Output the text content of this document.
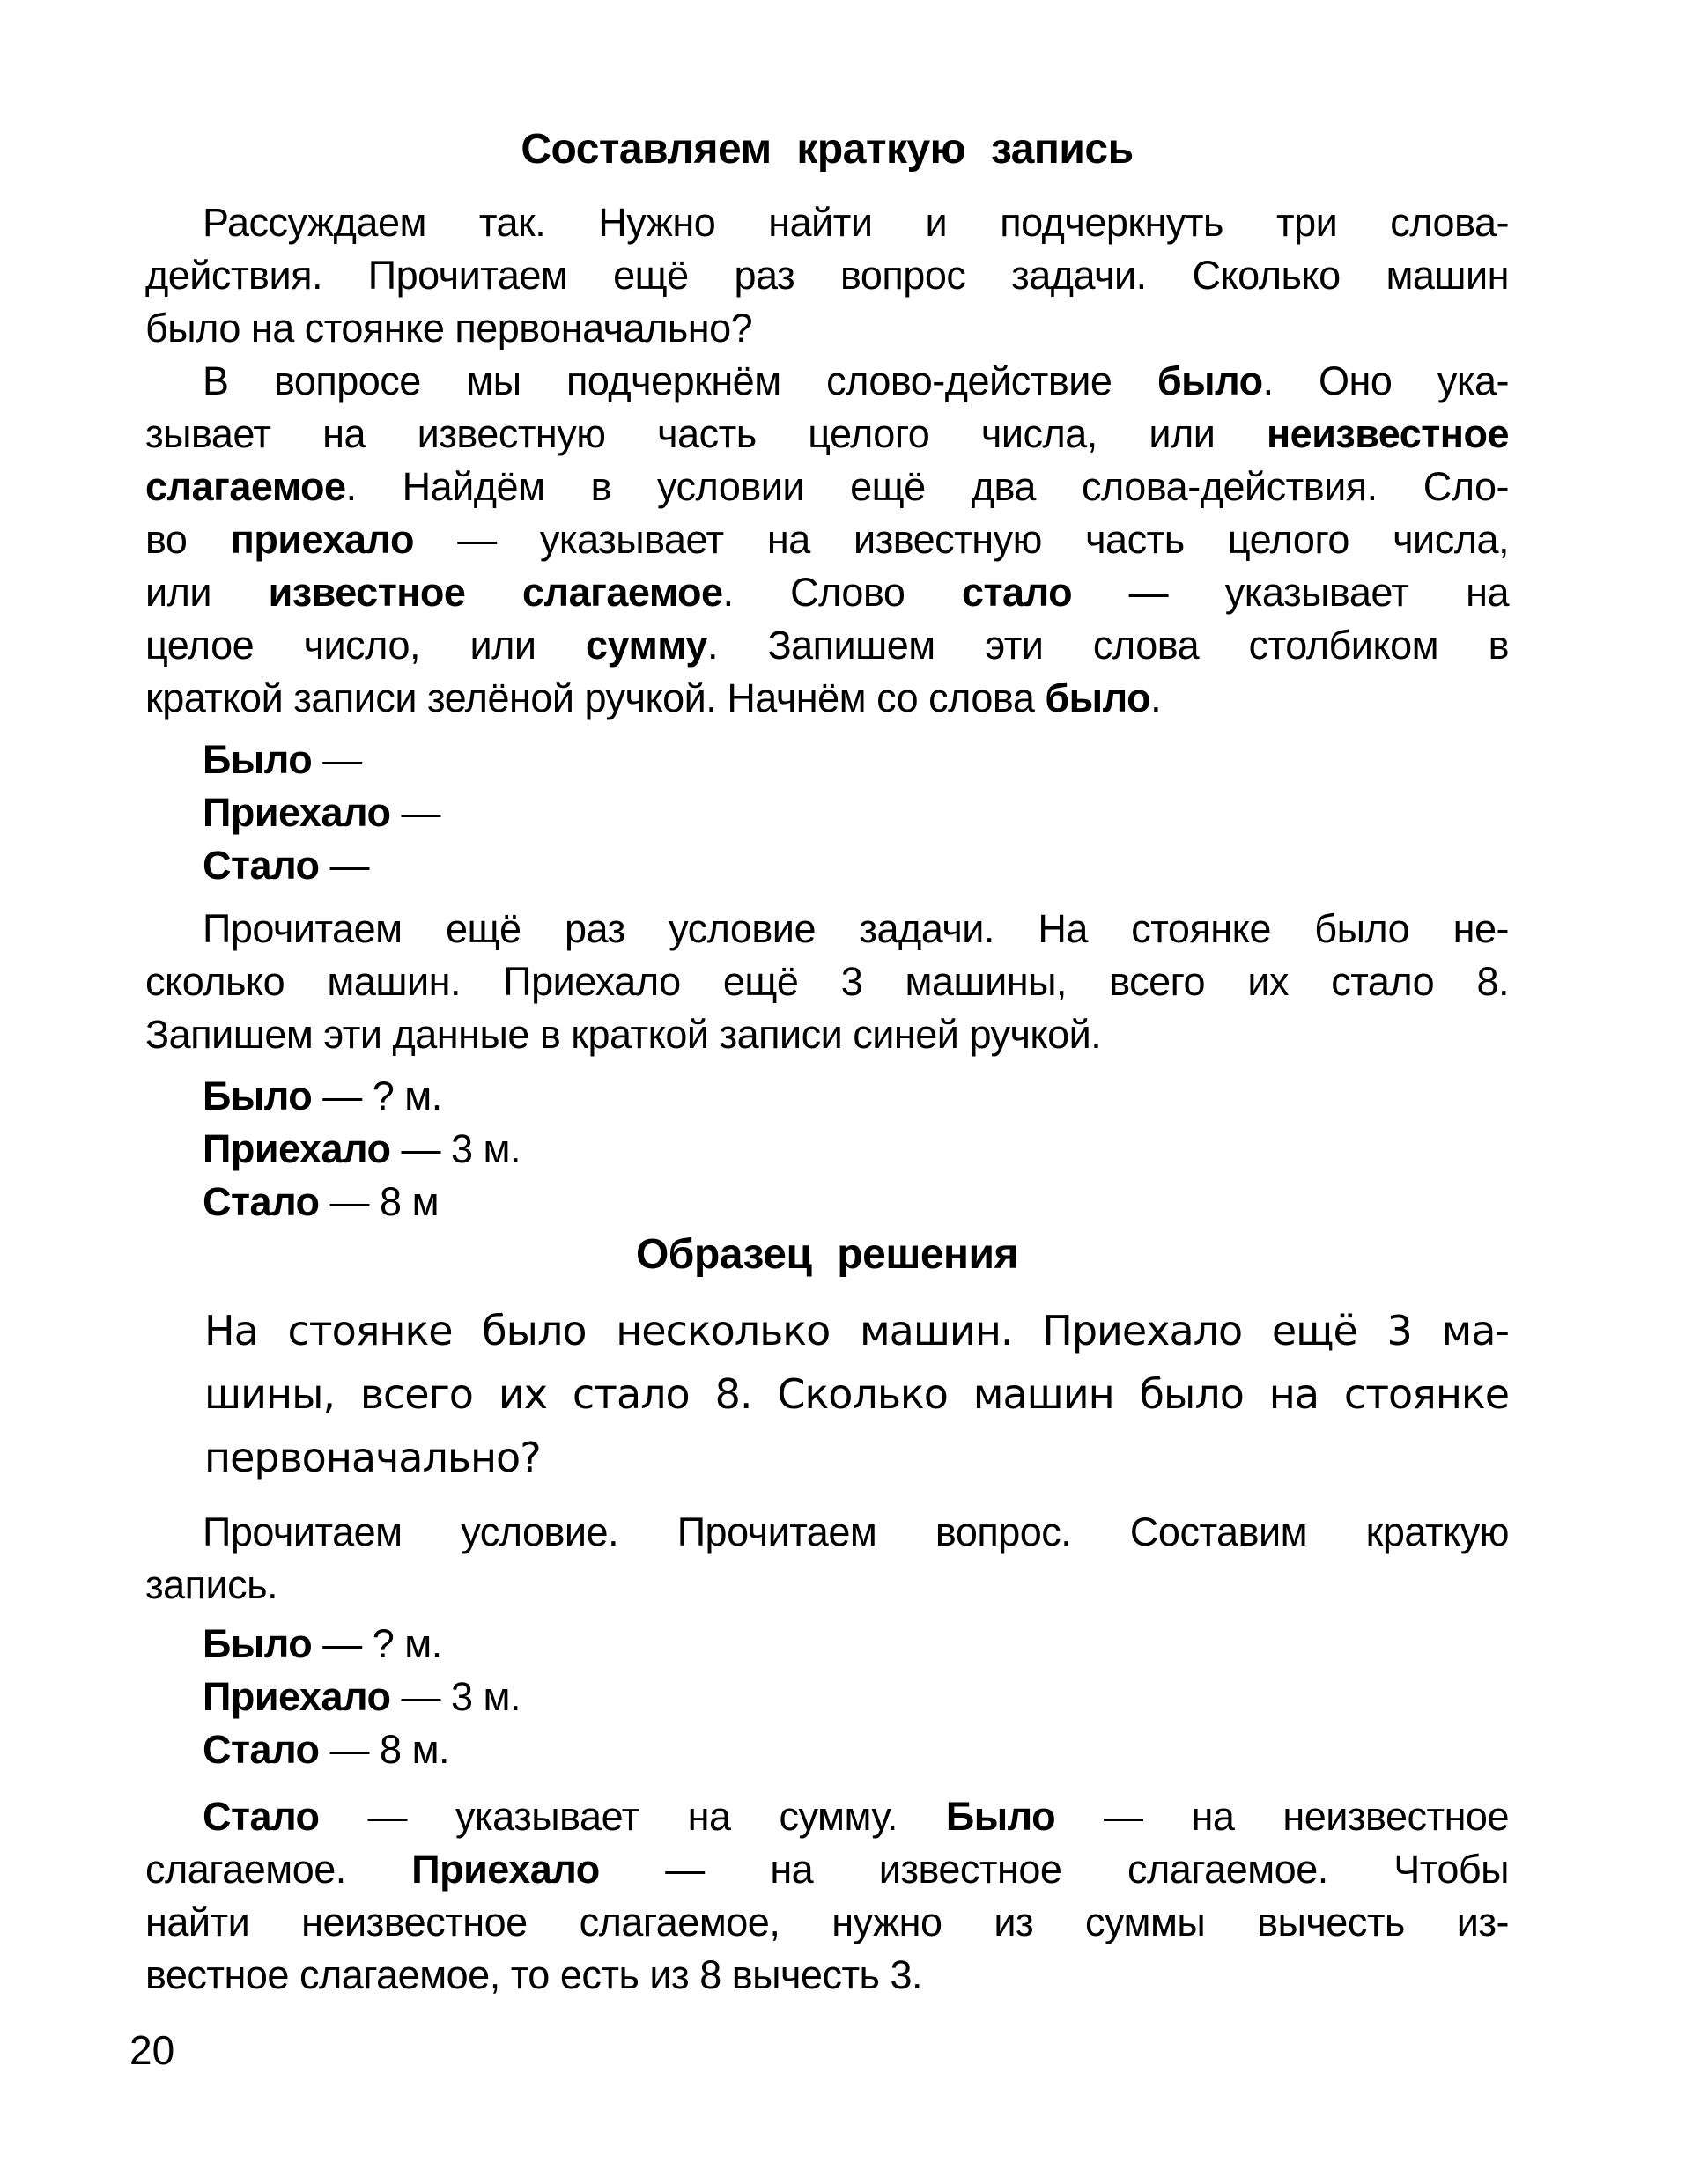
Составляем краткую запись
Рассуждаем так. Нужно найти и подчеркнуть три слова-
действия. Прочитаем ещё раз вопрос задачи. Сколько машин
было на стоянке первоначально?
В вопросе мы подчеркнём слово-действие было. Оно ука-
зывает на известную часть целого числа, или неизвестное
слагаемое. Найдём в условии ещё два слова-действия. Сло-
во приехало — указывает на известную часть целого числа,
или известное слагаемое. Слово стало — указывает на
целое число, или сумму. Запишем эти слова столбиком в
краткой записи зелёной ручкой. Начнём со слова было.
Было —
Приехало —
Стало —
Прочитаем ещё раз условие задачи. На стоянке было не-
сколько машин. Приехало ещё 3 машины, всего их стало 8.
Запишем эти данные в краткой записи синей ручкой.
Было — ? м.
Приехало — 3 м.
Стало — 8 м
Образец решения
На стоянке было несколько машин. Приехало ещё 3 ма-
шины, всего их стало 8. Сколько машин было на стоянке
первоначально?
Прочитаем условие. Прочитаем вопрос. Составим краткую
запись.
Было — ? м.
Приехало — 3 м.
Стало — 8 м.
Стало — указывает на сумму. Было — на неизвестное
слагаемое. Приехало — на известное слагаемое. Чтобы
найти неизвестное слагаемое, нужно из суммы вычесть из-
вестное слагаемое, то есть из 8 вычесть 3.
20
